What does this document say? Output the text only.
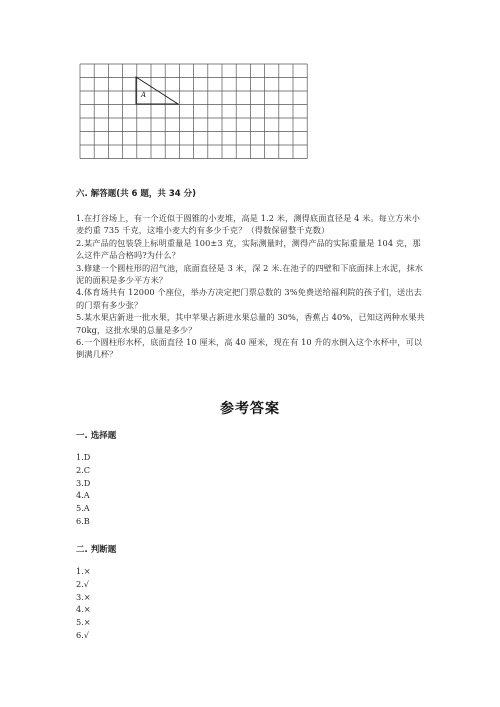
A
六. 解答题(共 6 题，共 34 分)

1.在打谷场上，有一个近似于圆锥的小麦堆，高是 1.2 米，测得底面直径是 4 米。每立方米小麦约重 735 千克，这堆小麦大约有多少千克？（得数保留整千克数）

2.某产品的包装袋上标明重量是 100±3 克，实际测量时，测得产品的实际重量是 104 克，那么这件产品合格吗?为什么？

3.修建一个圆柱形的沼气池，底面直径是 3 米，深 2 米.在池子的四壁和下底面抹上水泥，抹水泥的面积是多少平方米？

4.体育场共有 12000 个座位，举办方决定把门票总数的 3%免费送给福利院的孩子们，送出去的门票有多少张？

5.某水果店新进一批水果，其中苹果占新进水果总量的 30%，香蕉占 40%，已知这两种水果共 70kg，这批水果的总量是多少？

6.一个圆柱形水杯，底面直径 10 厘米，高 40 厘米，现在有 10 升的水倒入这个水杯中，可以倒满几杯？

参考答案
一. 选择题

1.D

2.C

3.D

4.A

5.A

6.B

二. 判断题

1.×

2.√

3.×

4.×

5.×

6.√
